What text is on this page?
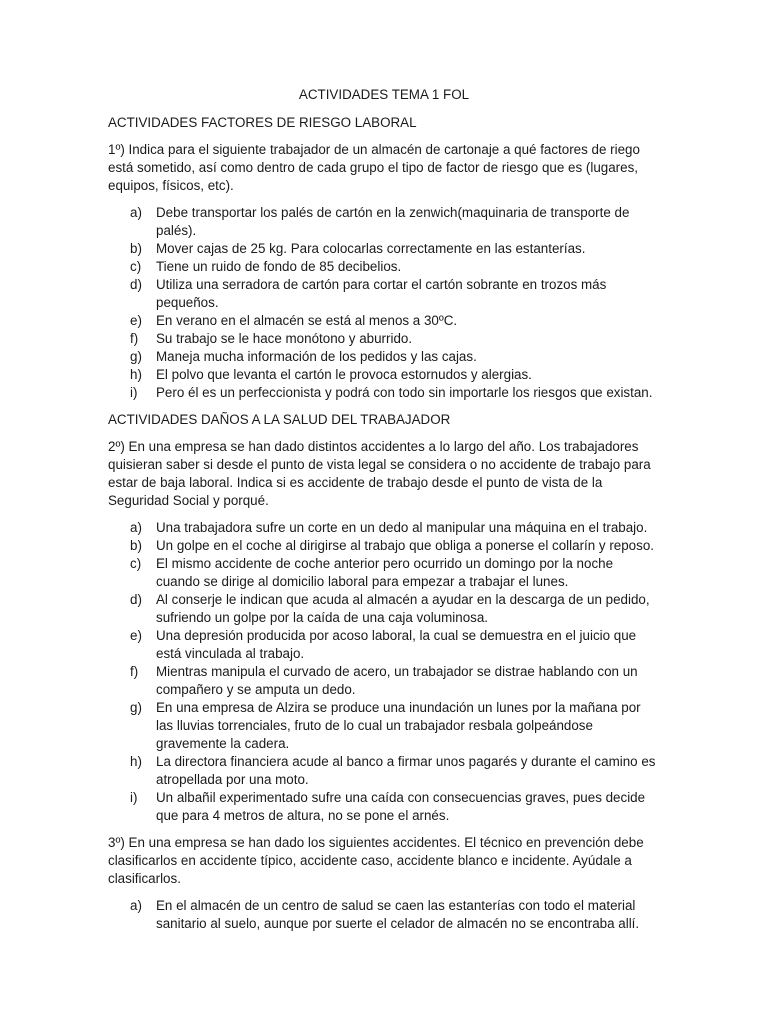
ACTIVIDADES TEMA 1 FOL
ACTIVIDADES FACTORES DE RIESGO LABORAL
1º) Indica para el siguiente trabajador de un almacén de cartonaje a qué factores de riego está sometido, así como dentro de cada grupo el tipo de factor de riesgo que es (lugares, equipos, físicos, etc).
a) Debe transportar los palés de cartón en la zenwich(maquinaria de transporte de palés).
b) Mover cajas de 25 kg. Para colocarlas correctamente en las estanterías.
c) Tiene un ruido de fondo de 85 decibelios.
d) Utiliza una serradora de cartón para cortar el cartón sobrante en trozos más pequeños.
e) En verano en el almacén se está al menos a 30ºC.
f) Su trabajo se le hace monótono y aburrido.
g) Maneja mucha información de los pedidos y las cajas.
h) El polvo que levanta el cartón le provoca estornudos y alergias.
i) Pero él es un perfeccionista y podrá con todo sin importarle los riesgos que existan.
ACTIVIDADES DAÑOS A LA SALUD DEL TRABAJADOR
2º) En una empresa se han dado distintos accidentes a lo largo del año. Los trabajadores quisieran saber si desde el punto de vista legal se considera o no accidente de trabajo para estar de baja laboral. Indica si es accidente de trabajo desde el punto de vista de la Seguridad Social y porqué.
a) Una trabajadora sufre un corte en un dedo al manipular una máquina en el trabajo.
b) Un golpe en el coche al dirigirse al trabajo que obliga a ponerse el collarín y reposo.
c) El mismo accidente de coche anterior pero ocurrido un domingo por la noche cuando se dirige al domicilio laboral para empezar a trabajar el lunes.
d) Al conserje le indican que acuda al almacén a ayudar en la descarga de un pedido, sufriendo un golpe por la caída de una caja voluminosa.
e) Una depresión producida por acoso laboral, la cual se demuestra en el juicio que está vinculada al trabajo.
f) Mientras manipula el curvado de acero, un trabajador se distrae hablando con un compañero y se amputa un dedo.
g) En una empresa de Alzira se produce una inundación un lunes por la mañana por las lluvias torrenciales, fruto de lo cual un trabajador resbala golpeándose gravemente la cadera.
h) La directora financiera acude al banco a firmar unos pagarés y durante el camino es atropellada por una moto.
i) Un albañil experimentado sufre una caída con consecuencias graves, pues decide que para 4 metros de altura, no se pone el arnés.
3º) En una empresa se han dado los siguientes accidentes. El técnico en prevención debe clasificarlos en accidente típico, accidente caso, accidente blanco e incidente. Ayúdale a clasificarlos.
a) En el almacén de un centro de salud se caen las estanterías con todo el material sanitario al suelo, aunque por suerte el celador de almacén no se encontraba allí.
